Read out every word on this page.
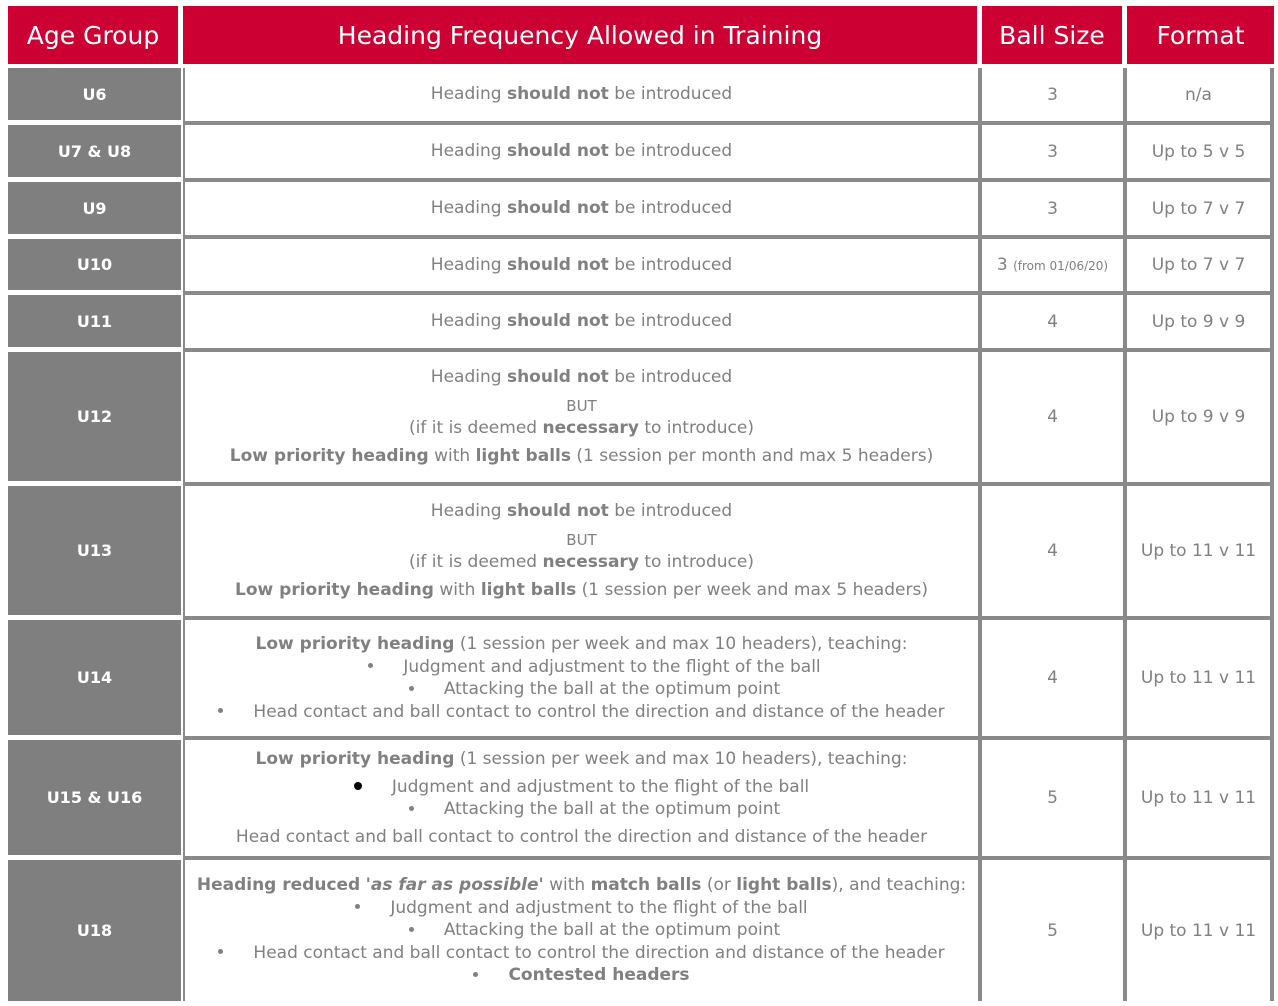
Age Group	Heading Frequency Allowed in Training	Ball Size	Format
U6	Heading should not be introduced	3	n/a
U7 & U8	Heading should not be introduced	3	Up to 5 v 5
U9	Heading should not be introduced	3	Up to 7 v 7
U10	Heading should not be introduced	3 (from 01/06/20)	Up to 7 v 7
U11	Heading should not be introduced	4	Up to 9 v 9
U12	Heading should not be introduced
BUT
(if it is deemed necessary to introduce)
Low priority heading with light balls (1 session per month and max 5 headers)	4	Up to 9 v 9
U13	Heading should not be introduced
BUT
(if it is deemed necessary to introduce)
Low priority heading with light balls (1 session per week and max 5 headers)	4	Up to 11 v 11
U14	Low priority heading (1 session per week and max 10 headers), teaching:
Judgment and adjustment to the flight of the ball
Attacking the ball at the optimum point
Head contact and ball contact to control the direction and distance of the header	4	Up to 11 v 11
U15 & U16	Low priority heading (1 session per week and max 10 headers), teaching:
Judgment and adjustment to the flight of the ball
Attacking the ball at the optimum point
Head contact and ball contact to control the direction and distance of the header	5	Up to 11 v 11
U18	Heading reduced 'as far as possible' with match balls (or light balls), and teaching:
Judgment and adjustment to the flight of the ball
Attacking the ball at the optimum point
Head contact and ball contact to control the direction and distance of the header
Contested headers	5	Up to 11 v 11
